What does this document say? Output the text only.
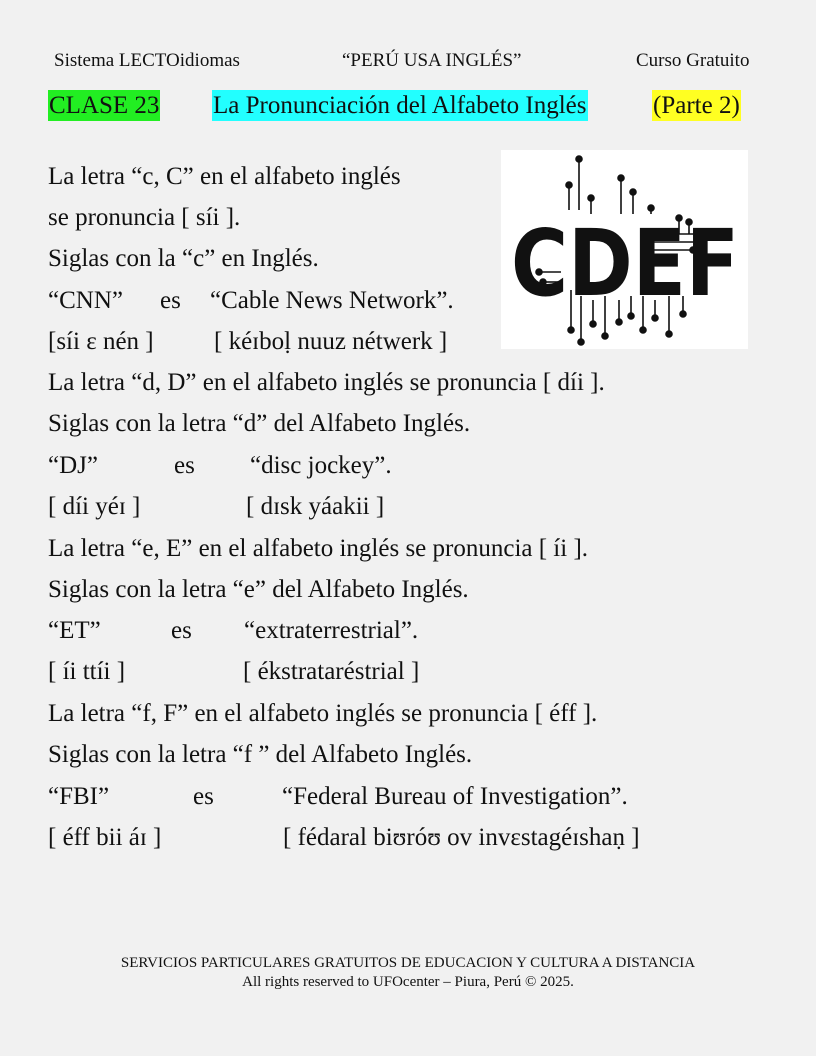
Sistema LECTOidiomas	“PERÚ USA INGLÉS”	Curso Gratuito
CLASE 23 La Pronunciación del Alfabeto Inglés	(Parte 2)
CDEF
La letra “c, C” en el alfabeto inglés
se pronuncia [ síi ].
Siglas con la “c” en Inglés.
“CNN” es “Cable News Network”.
[síi ɛ nén ] [ kéɪboḷ nuuz nétwerk ]
La letra “d, D” en el alfabeto inglés se pronuncia [ díi ].
Siglas con la letra “d” del Alfabeto Inglés.
“DJ”	es “disc jockey”.
[ díi yéɪ ]	[ dɪsk yáakii ]
La letra “e, E” en el alfabeto inglés se pronuncia [ íi ].
Siglas con la letra “e” del Alfabeto Inglés.
“ET”	es “extraterrestrial”.
[ íi ttíi ]	[ ékstrataréstrial ]
La letra “f, F” en el alfabeto inglés se pronuncia [ éff ].
Siglas con la letra “f ” del Alfabeto Inglés.
“FBI”	es	“Federal Bureau of Investigation”.
[ éff bii áɪ ]	[ fédaral biʊróʊ ov invɛstagéɪshaṇ ]
SERVICIOS PARTICULARES GRATUITOS DE EDUCACION Y CULTURA A DISTANCIA
All rights reserved to UFOcenter – Piura, Perú © 2025.
